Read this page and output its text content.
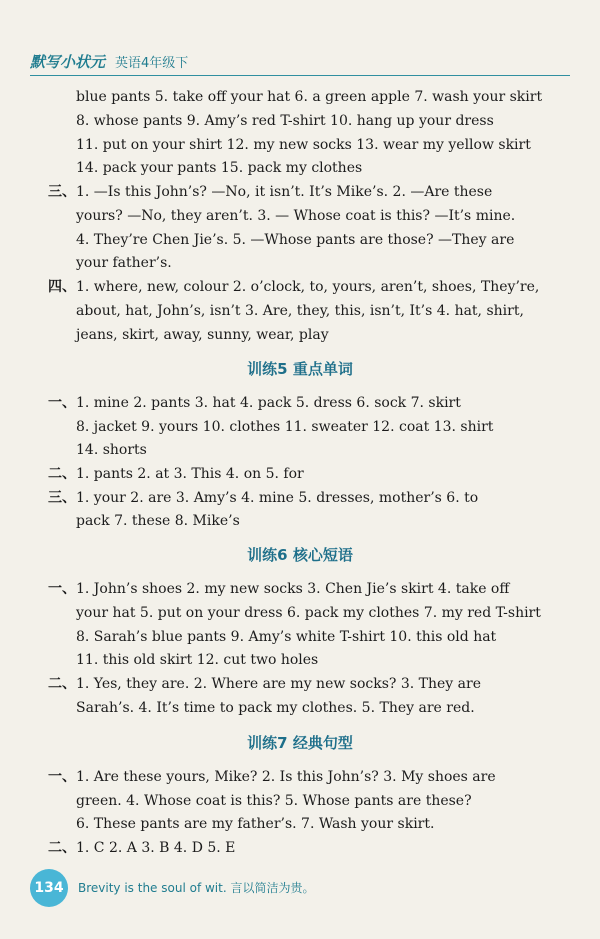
默写小状元 英语4年级下
blue pants 5. take off your hat 6. a green apple 7. wash your skirt
8. whose pants 9. Amy’s red T-shirt 10. hang up your dress
11. put on your shirt 12. my new socks 13. wear my yellow skirt
14. pack your pants 15. pack my clothes
三、 1. —Is this John’s? —No, it isn’t. It’s Mike’s. 2. —Are these
yours? —No, they aren’t. 3. — Whose coat is this? —It’s mine.
4. They’re Chen Jie’s. 5. —Whose pants are those? —They are
your father’s.
四、 1. where, new, colour 2. o’clock, to, yours, aren’t, shoes, They’re,
about, hat, John’s, isn’t 3. Are, they, this, isn’t, It’s 4. hat, shirt,
jeans, skirt, away, sunny, wear, play
训练5 重点单词
一、 1. mine 2. pants 3. hat 4. pack 5. dress 6. sock 7. skirt
8. jacket 9. yours 10. clothes 11. sweater 12. coat 13. shirt
14. shorts
二、 1. pants 2. at 3. This 4. on 5. for
三、 1. your 2. are 3. Amy’s 4. mine 5. dresses, mother’s 6. to
pack 7. these 8. Mike’s
训练6 核心短语
一、 1. John’s shoes 2. my new socks 3. Chen Jie’s skirt 4. take off
your hat 5. put on your dress 6. pack my clothes 7. my red T-shirt
8. Sarah’s blue pants 9. Amy’s white T-shirt 10. this old hat
11. this old skirt 12. cut two holes
二、 1. Yes, they are. 2. Where are my new socks? 3. They are
Sarah’s. 4. It’s time to pack my clothes. 5. They are red.
训练7 经典句型
一、 1. Are these yours, Mike? 2. Is this John’s? 3. My shoes are
green. 4. Whose coat is this? 5. Whose pants are these?
6. These pants are my father’s. 7. Wash your skirt.
二、 1. C 2. A 3. B 4. D 5. E
134	Brevity is the soul of wit. 言以简洁为贵。
